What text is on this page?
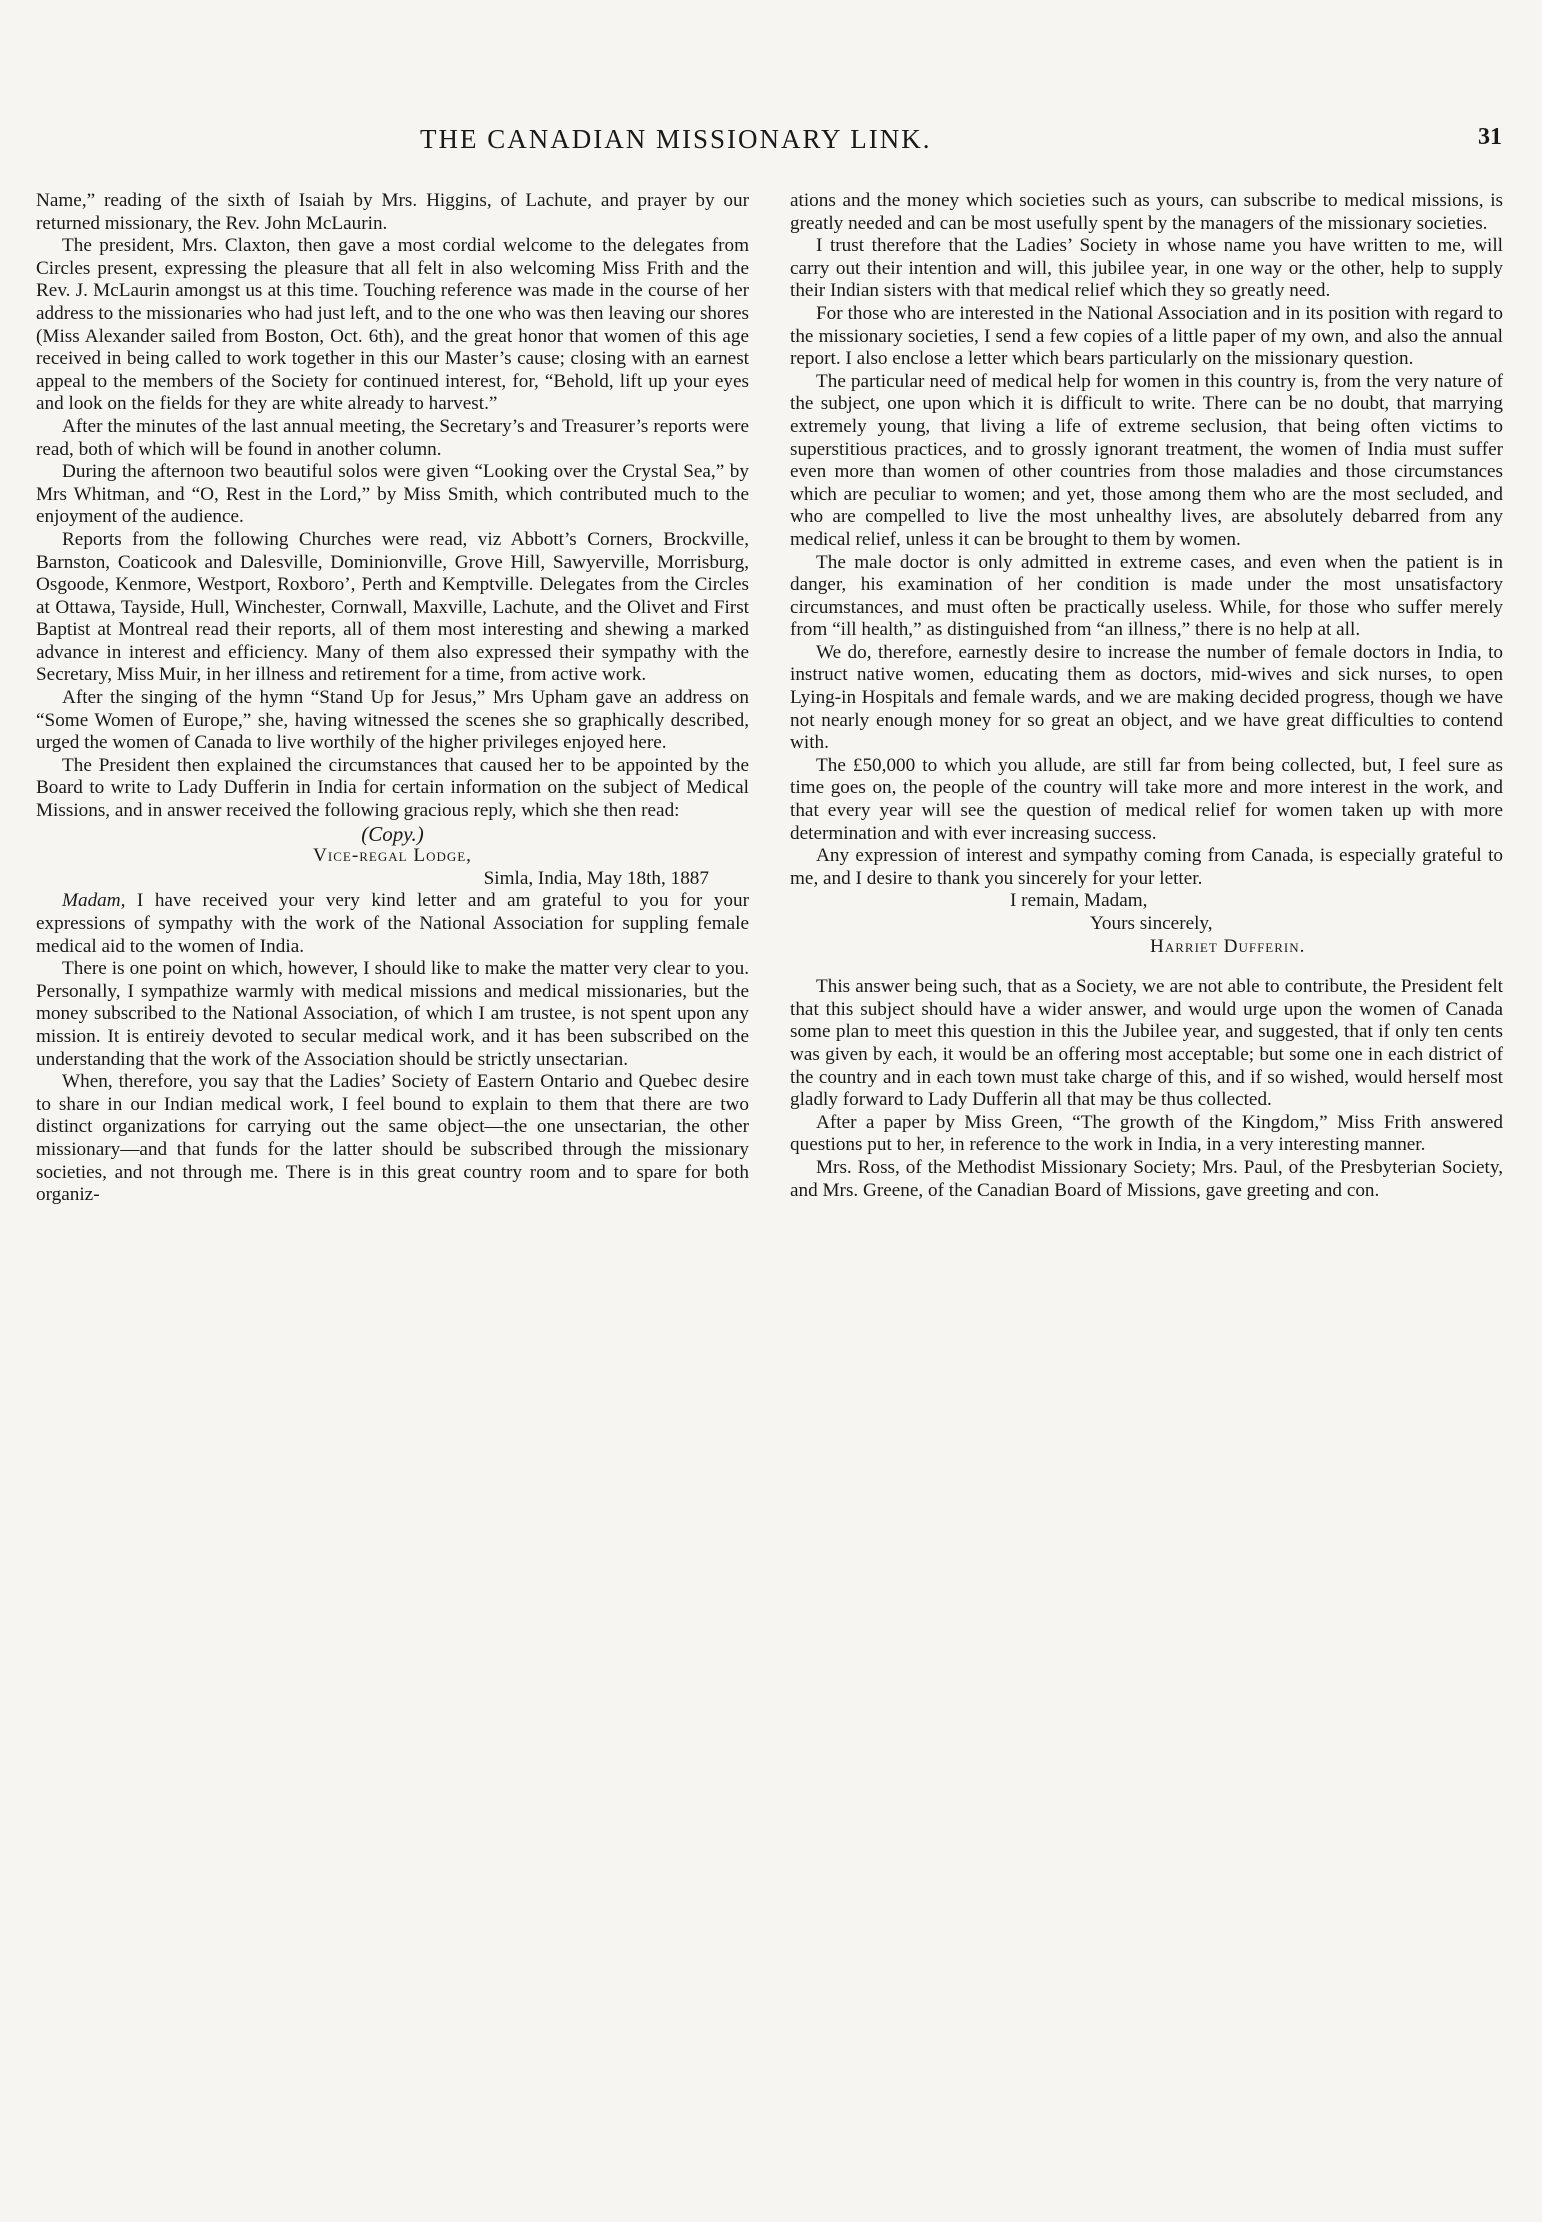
THE CANADIAN MISSIONARY LINK.	31

Name,” reading of the sixth of Isaiah by Mrs. Higgins, of Lachute, and prayer by our returned missionary, the Rev. John McLaurin.

The president, Mrs. Claxton, then gave a most cordial welcome to the delegates from Circles present, expressing the pleasure that all felt in also welcoming Miss Frith and the Rev. J. McLaurin amongst us at this time. Touching reference was made in the course of her address to the missionaries who had just left, and to the one who was then leaving our shores (Miss Alexander sailed from Boston, Oct. 6th), and the great honor that women of this age received in being called to work together in this our Master’s cause; closing with an earnest appeal to the members of the Society for continued interest, for, “Behold, lift up your eyes and look on the fields for they are white already to harvest.”

After the minutes of the last annual meeting, the Secretary’s and Treasurer’s reports were read, both of which will be found in another column.

During the afternoon two beautiful solos were given “Looking over the Crystal Sea,” by Mrs Whitman, and “O, Rest in the Lord,” by Miss Smith, which contributed much to the enjoyment of the audience.

Reports from the following Churches were read, viz Abbott’s Corners, Brockville, Barnston, Coaticook and Dalesville, Dominionville, Grove Hill, Sawyerville, Morrisburg, Osgoode, Kenmore, Westport, Roxboro’, Perth and Kemptville. Delegates from the Circles at Ottawa, Tayside, Hull, Winchester, Cornwall, Maxville, Lachute, and the Olivet and First Baptist at Montreal read their reports, all of them most interesting and shewing a marked advance in interest and efficiency. Many of them also expressed their sympathy with the Secretary, Miss Muir, in her illness and retirement for a time, from active work.

After the singing of the hymn “Stand Up for Jesus,” Mrs Upham gave an address on “Some Women of Europe,” she, having witnessed the scenes she so graphically described, urged the women of Canada to live worthily of the higher privileges enjoyed here.

The President then explained the circumstances that caused her to be appointed by the Board to write to Lady Dufferin in India for certain information on the subject of Medical Missions, and in answer received the following gracious reply, which she then read:

(Copy.)

Vice-regal Lodge,

Simla, India, May 18th, 1887

Madam, I have received your very kind letter and am grateful to you for your expressions of sympathy with the work of the National Association for suppling female medical aid to the women of India.

There is one point on which, however, I should like to make the matter very clear to you. Personally, I sympathize warmly with medical missions and medical missionaries, but the money subscribed to the National Association, of which I am trustee, is not spent upon any mission. It is entireiy devoted to secular medical work, and it has been subscribed on the understanding that the work of the Association should be strictly unsectarian.

When, therefore, you say that the Ladies’ Society of Eastern Ontario and Quebec desire to share in our Indian medical work, I feel bound to explain to them that there are two distinct organizations for carrying out the same object—the one unsectarian, the other missionary—and that funds for the latter should be subscribed through the missionary societies, and not through me. There is in this great country room and to spare for both organiz-

ations and the money which societies such as yours, can subscribe to medical missions, is greatly needed and can be most usefully spent by the managers of the missionary societies.

I trust therefore that the Ladies’ Society in whose name you have written to me, will carry out their intention and will, this jubilee year, in one way or the other, help to supply their Indian sisters with that medical relief which they so greatly need.

For those who are interested in the National Association and in its position with regard to the missionary societies, I send a few copies of a little paper of my own, and also the annual report. I also enclose a letter which bears particularly on the missionary question.

The particular need of medical help for women in this country is, from the very nature of the subject, one upon which it is difficult to write. There can be no doubt, that marrying extremely young, that living a life of extreme seclusion, that being often victims to superstitious practices, and to grossly ignorant treatment, the women of India must suffer even more than women of other countries from those maladies and those circumstances which are peculiar to women; and yet, those among them who are the most secluded, and who are compelled to live the most unhealthy lives, are absolutely debarred from any medical relief, unless it can be brought to them by women.

The male doctor is only admitted in extreme cases, and even when the patient is in danger, his examination of her condition is made under the most unsatisfactory circumstances, and must often be practically useless. While, for those who suffer merely from “ill health,” as distinguished from “an illness,” there is no help at all.

We do, therefore, earnestly desire to increase the number of female doctors in India, to instruct native women, educating them as doctors, mid-wives and sick nurses, to open Lying-in Hospitals and female wards, and we are making decided progress, though we have not nearly enough money for so great an object, and we have great difficulties to contend with.

The £50,000 to which you allude, are still far from being collected, but, I feel sure as time goes on, the people of the country will take more and more interest in the work, and that every year will see the question of medical relief for women taken up with more determination and with ever increasing success.

Any expression of interest and sympathy coming from Canada, is especially grateful to me, and I desire to thank you sincerely for your letter.

I remain, Madam,

Yours sincerely,

Harriet Dufferin.

This answer being such, that as a Society, we are not able to contribute, the President felt that this subject should have a wider answer, and would urge upon the women of Canada some plan to meet this question in this the Jubilee year, and suggested, that if only ten cents was given by each, it would be an offering most acceptable; but some one in each district of the country and in each town must take charge of this, and if so wished, would herself most gladly forward to Lady Dufferin all that may be thus collected.

After a paper by Miss Green, “The growth of the Kingdom,” Miss Frith answered questions put to her, in reference to the work in India, in a very interesting manner.

Mrs. Ross, of the Methodist Missionary Society; Mrs. Paul, of the Presbyterian Society, and Mrs. Greene, of the Canadian Board of Missions, gave greeting and con.
